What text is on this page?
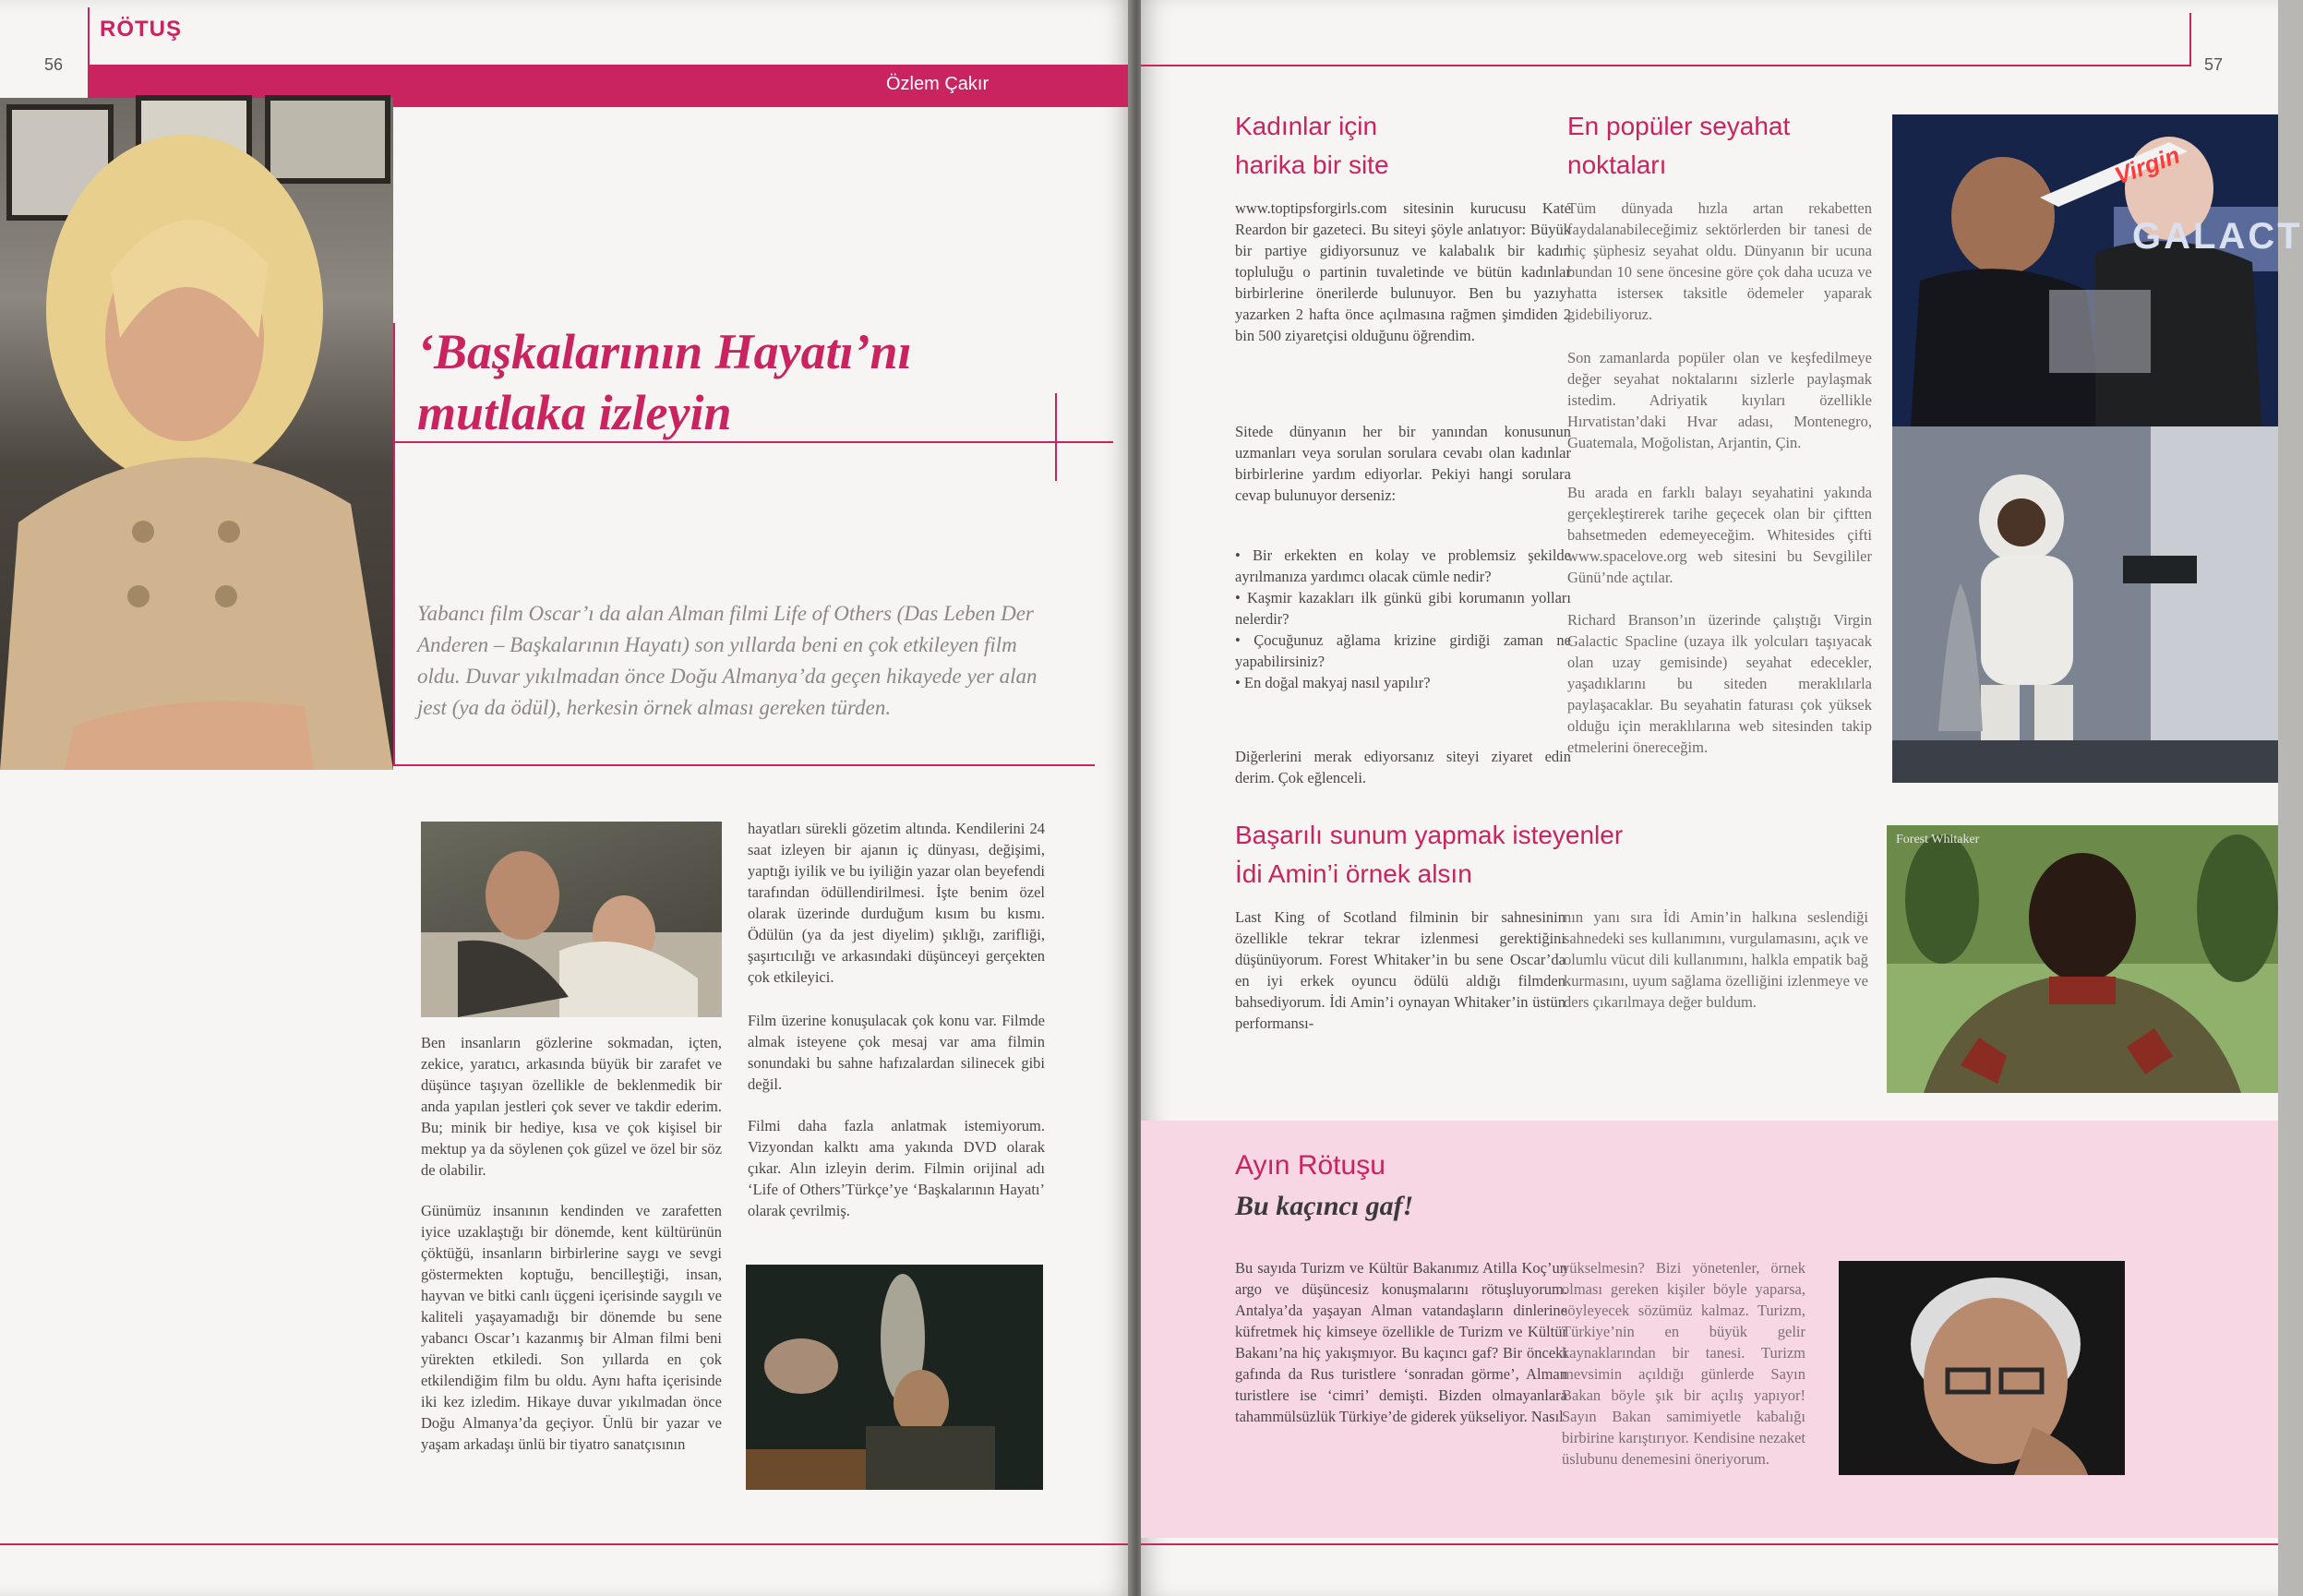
RÖTUŞ
56
Özlem Çakır
‘Başkalarının Hayatı’nı
mutlaka izleyin
Yabancı film Oscar’ı da alan Alman filmi Life of Others (Das Leben Der Anderen – Başkalarının Hayatı) son yıllarda beni en çok etkileyen film oldu. Duvar yıkılmadan önce Doğu Almanya’da geçen hikayede yer alan jest (ya da ödül), herkesin örnek alması gereken türden.
Ben insanların gözlerine sokmadan, içten, zekice, yaratıcı, arkasında büyük bir zarafet ve düşünce taşıyan özellikle de beklenmedik bir anda yapılan jestleri çok sever ve takdir ederim. Bu; minik bir hediye, kısa ve çok kişisel bir mektup ya da söylenen çok güzel ve özel bir söz de olabilir.
Günümüz insanının kendinden ve zarafetten iyice uzaklaştığı bir dönemde, kent kültürünün çöktüğü, insanların birbirlerine saygı ve sevgi göstermekten koptuğu, bencilleştiği, insan, hayvan ve bitki canlı üçgeni içerisinde saygılı ve kaliteli yaşayamadığı bir dönemde bu sene yabancı Oscar’ı kazanmış bir Alman filmi beni yürekten etkiledi. Son yıllarda en çok etkilendiğim film bu oldu. Aynı hafta içerisinde iki kez izledim. Hikaye duvar yıkılmadan önce Doğu Almanya’da geçiyor. Ünlü bir yazar ve yaşam arkadaşı ünlü bir tiyatro sanatçısının
hayatları sürekli gözetim altında. Kendilerini 24 saat izleyen bir ajanın iç dünyası, değişimi, yaptığı iyilik ve bu iyiliğin yazar olan beyefendi tarafından ödüllendirilmesi. İşte benim özel olarak üzerinde durduğum kısım bu kısmı. Ödülün (ya da jest diyelim) şıklığı, zarifliği, şaşırtıcılığı ve arkasındaki düşünceyi gerçekten çok etkileyici.
Film üzerine konuşulacak çok konu var. Filmde almak isteyene çok mesaj var ama filmin sonundaki bu sahne hafızalardan silinecek gibi değil.
Filmi daha fazla anlatmak istemiyorum. Vizyondan kalktı ama yakında DVD olarak çıkar. Alın izleyin derim. Filmin orijinal adı ‘Life of Others’Türkçe’ye ‘Başkalarının Hayatı’ olarak çevrilmiş.
57
Kadınlar için
harika bir site
www.toptipsforgirls.com sitesinin kurucusu Kate Reardon bir gazeteci. Bu siteyi şöyle anlatıyor: Büyük bir partiye gidiyorsunuz ve kalabalık bir kadın topluluğu o partinin tuvaletinde ve bütün kadınlar birbirlerine önerilerde bulunuyor. Ben bu yazıyı yazarken 2 hafta önce açılmasına rağmen şimdiden 2 bin 500 ziyaretçisi olduğunu öğrendim.
Sitede dünyanın her bir yanından konusunun uzmanları veya sorulan sorulara cevabı olan kadınlar birbirlerine yardım ediyorlar. Pekiyi hangi sorulara cevap bulunuyor derseniz:
• Bir erkekten en kolay ve problemsiz şekilde ayrılmanıza yardımcı olacak cümle nedir?
• Kaşmir kazakları ilk günkü gibi korumanın yolları nelerdir?
• Çocuğunuz ağlama krizine girdiği zaman ne yapabilirsiniz?
• En doğal makyaj nasıl yapılır?
Diğerlerini merak ediyorsanız siteyi ziyaret edin derim. Çok eğlenceli.
En popüler seyahat
noktaları
Tüm dünyada hızla artan rekabetten faydalanabileceğimiz sektörlerden bir tanesi de hiç şüphesiz seyahat oldu. Dünyanın bir ucuna bundan 10 sene öncesine göre çok daha ucuza ve hatta isterseк taksitle ödemeler yaparak gidebiliyoruz.
Son zamanlarda popüler olan ve keşfedilmeye değer seyahat noktalarını sizlerle paylaşmak istedim. Adriyatik kıyıları özellikle Hırvatistan’daki Hvar adası, Montenegro, Guatemala, Moğolistan, Arjantin, Çin.
Bu arada en farklı balayı seyahatini yakında gerçekleştirerek tarihe geçecek olan bir çiftten bahsetmeden edemeyeceğim. Whitesides çifti www.spacelove.org web sitesini bu Sevgililer Günü’nde açtılar.
Richard Branson’ın üzerinde çalıştığı Virgin Galactic Spacline (uzaya ilk yolcuları taşıyacak olan uzay gemisinde) seyahat edecekler, yaşadıklarını bu siteden meraklılarla paylaşacaklar. Bu seyahatin faturası çok yüksek olduğu için meraklılarına web sitesinden takip etmelerini önereceğim.
Virgin
GALACT
Başarılı sunum yapmak isteyenler
İdi Amin’i örnek alsın
Last King of Scotland filminin bir sahnesinin özellikle tekrar tekrar izlenmesi gerektiğini düşünüyorum. Forest Whitaker’in bu sene Oscar’da en iyi erkek oyuncu ödülü aldığı filmden bahsediyorum. İdi Amin’i oynayan Whitaker’in üstün performansı-
nın yanı sıra İdi Amin’in halkına seslendiği sahnedeki ses kullanımını, vurgulamasını, açık ve olumlu vücut dili kullanımını, halkla empatik bağ kurmasını, uyum sağlama özelliğini izlenmeye ve ders çıkarılmaya değer buldum.
Forest Whitaker
Ayın Rötuşu
Bu kaçıncı gaf!
Bu sayıda Turizm ve Kültür Bakanımız Atilla Koç’un argo ve düşüncesiz konuşmalarını rötuşluyorum. Antalya’da yaşayan Alman vatandaşların dinlerine küfretmek hiç kimseye özellikle de Turizm ve Kültür Bakanı’na hiç yakışmıyor. Bu kaçıncı gaf? Bir önceki gafında da Rus turistlere ‘sonradan görme’, Alman turistlere ise ‘cimri’ demişti. Bizden olmayanlara tahammülsüzlük Türkiye’de giderek yükseliyor. Nasıl
yükselmesin? Bizi yönetenler, örnek olması gereken kişiler böyle yaparsa, söyleyecek sözümüz kalmaz. Turizm, Türkiye’nin en büyük gelir kaynaklarından bir tanesi. Turizm mevsimin açıldığı günlerde Sayın Bakan böyle şık bir açılış yapıyor! Sayın Bakan samimiyetle kabalığı birbirine karıştırıyor. Kendisine nezaket üslubunu denemesini öneriyorum.
